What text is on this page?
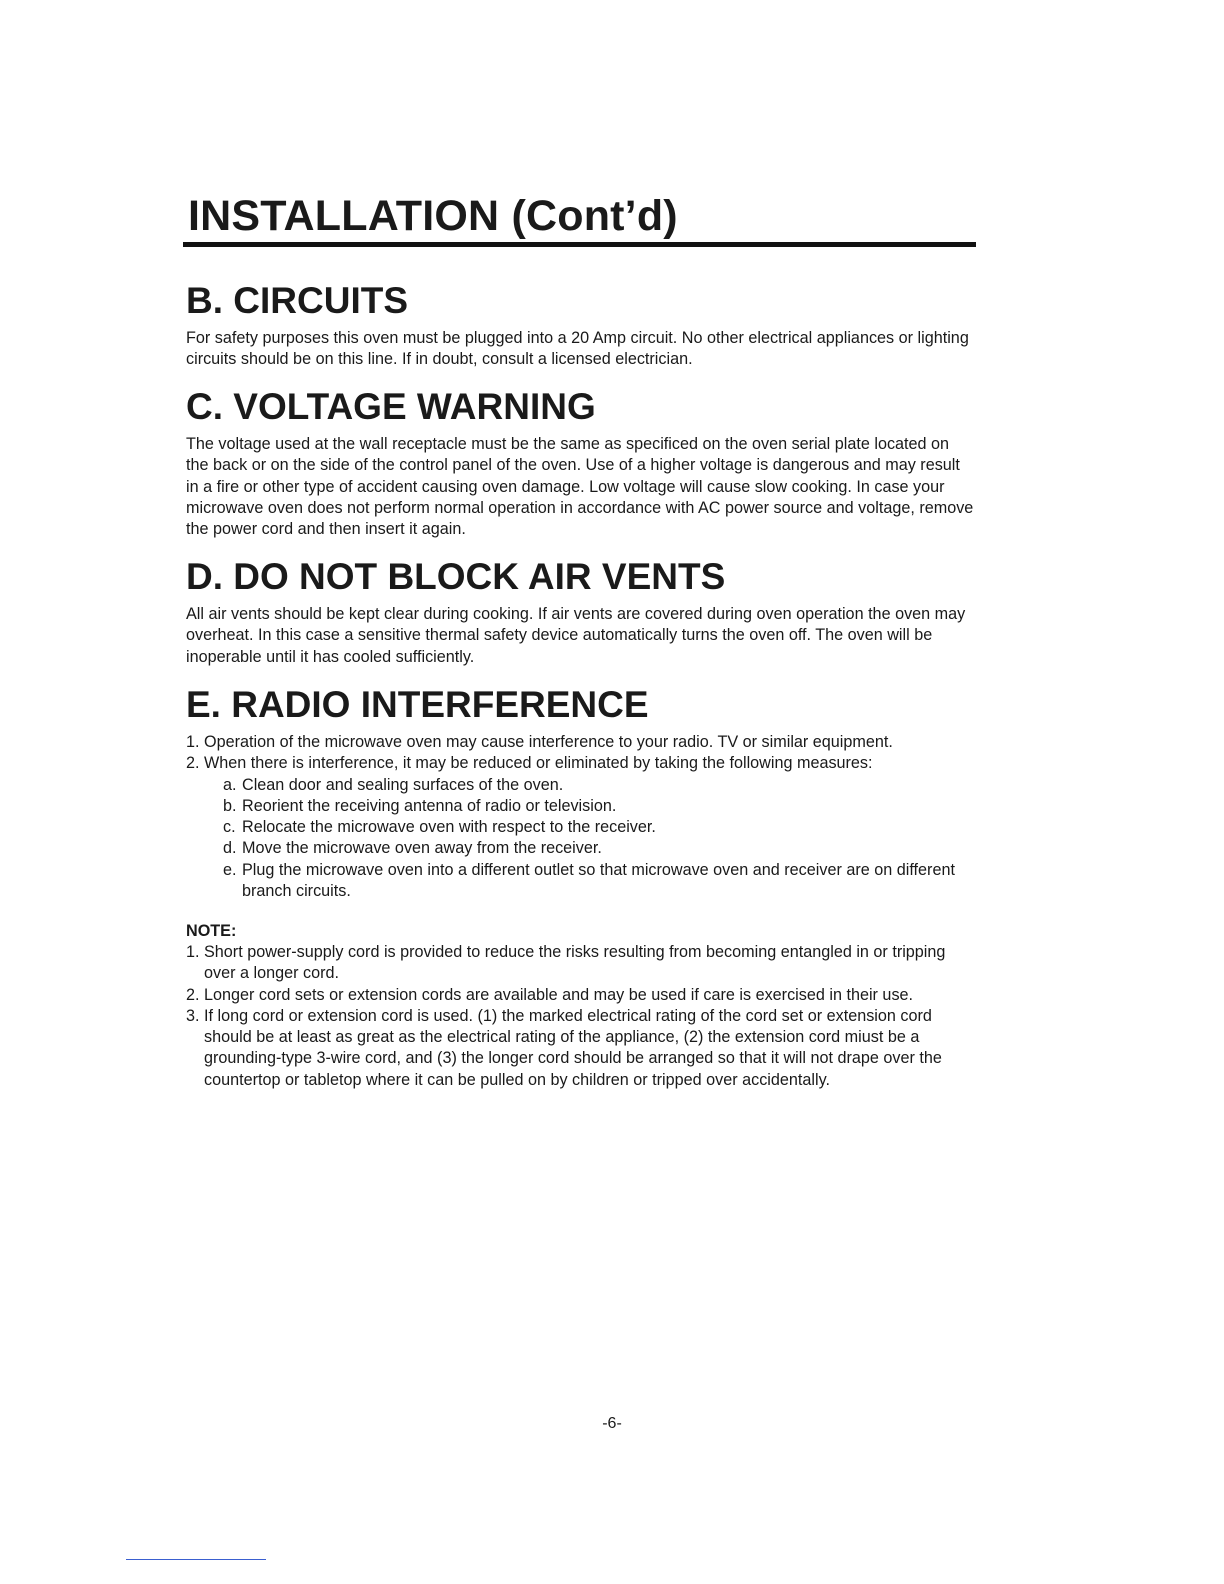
INSTALLATION (Cont’d)
B. CIRCUITS

For safety purposes this oven must be plugged into a 20 Amp circuit. No other electrical appliances or lighting circuits should be on this line. If in doubt, consult a licensed electrician.

C. VOLTAGE WARNING

The voltage used at the wall receptacle must be the same as specificed on the oven serial plate located on the back or on the side of the control panel of the oven. Use of a higher voltage is dangerous and may result in a fire or other type of accident causing oven damage. Low voltage will cause slow cooking. In case your microwave oven does not perform normal operation in accordance with AC power source and voltage, remove the power cord and then insert it again.

D. DO NOT BLOCK AIR VENTS

All air vents should be kept clear during cooking. If air vents are covered during oven operation the oven may overheat. In this case a sensitive thermal safety device automatically turns the oven off. The oven will be inoperable until it has cooled sufficiently.

E. RADIO INTERFERENCE
1. Operation of the microwave oven may cause interference to your radio. TV or similar equipment.
2. When there is interference, it may be reduced or eliminated by taking the following measures:
a. Clean door and sealing surfaces of the oven.
b. Reorient the receiving antenna of radio or television.
c. Relocate the microwave oven with respect to the receiver.
d. Move the microwave oven away from the receiver.
e. Plug the microwave oven into a different outlet so that microwave oven and receiver are on different branch circuits.
NOTE:
1. Short power-supply cord is provided to reduce the risks resulting from becoming entangled in or tripping over a longer cord.
2. Longer cord sets or extension cords are available and may be used if care is exercised in their use.
3. If long cord or extension cord is used. (1) the marked electrical rating of the cord set or extension cord should be at least as great as the electrical rating of the appliance, (2) the extension cord miust be a grounding-type 3-wire cord, and (3) the longer cord should be arranged so that it will not drape over the countertop or tabletop where it can be pulled on by children or tripped over accidentally.
-6-
